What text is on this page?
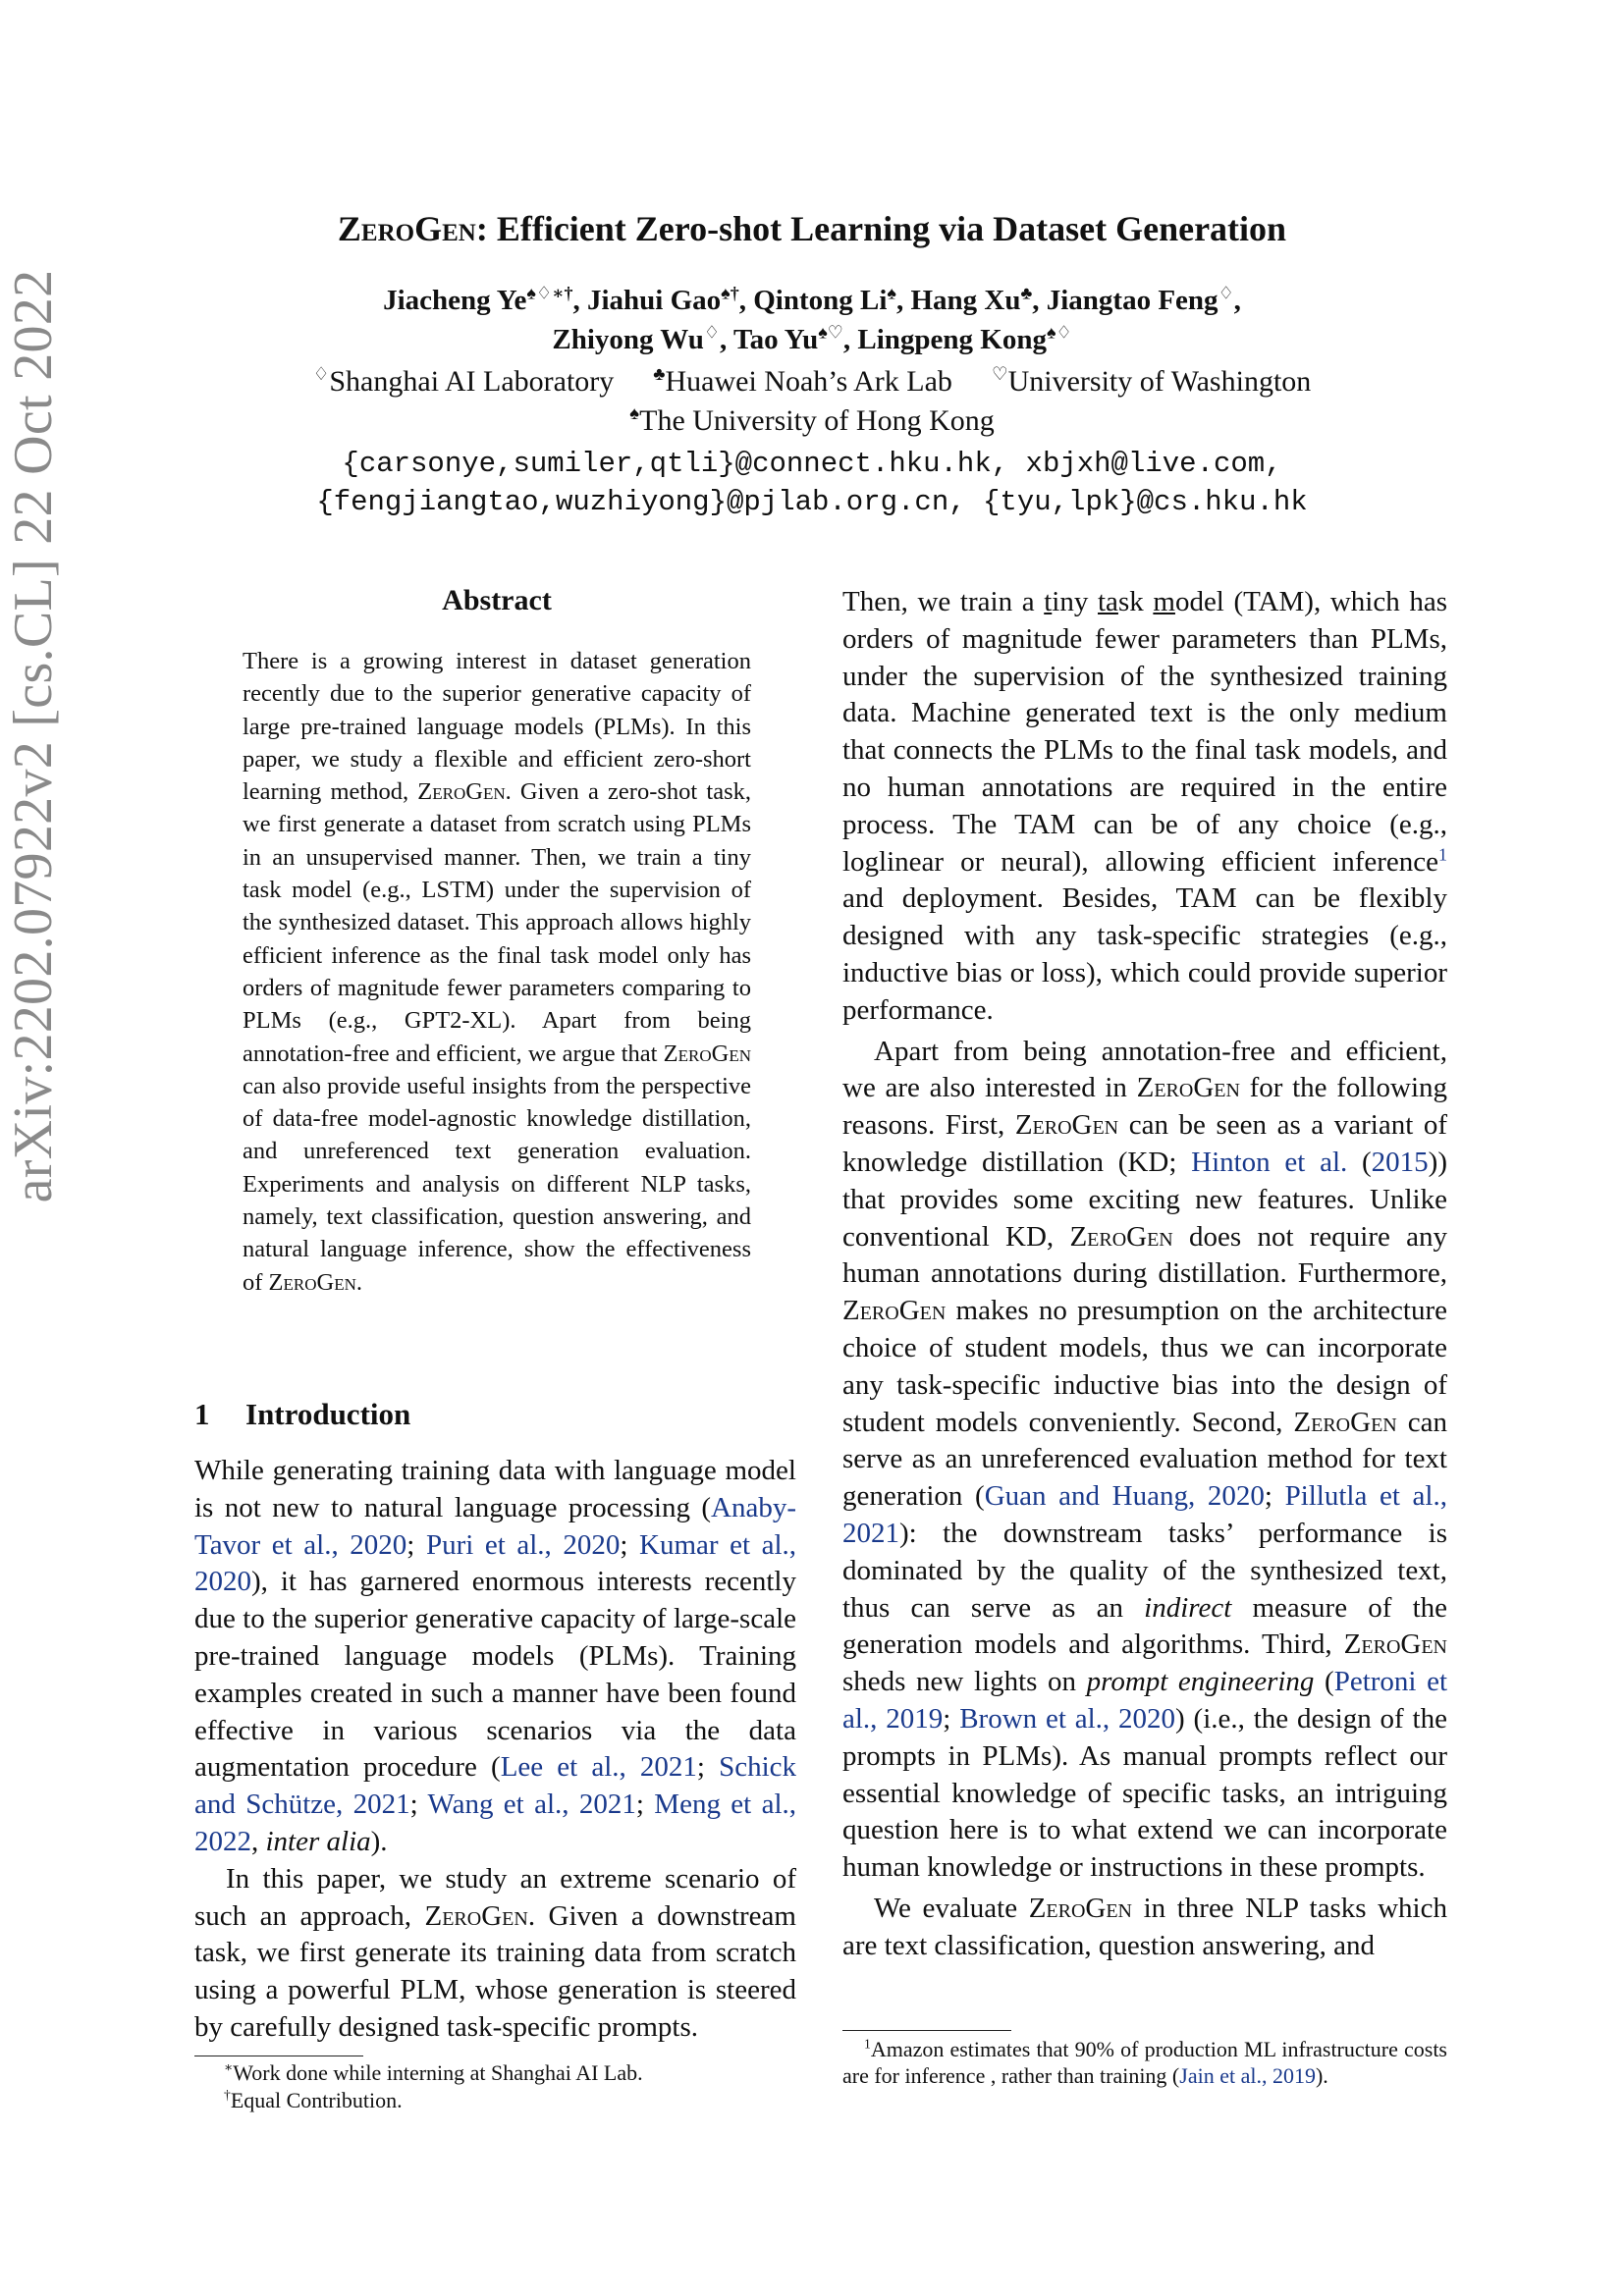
arXiv:2202.07922v2 [cs.CL] 22 Oct 2022
ZeroGen: Efficient Zero-shot Learning via Dataset Generation
Jiacheng Ye♠♢∗†, Jiahui Gao♠†, Qintong Li♠, Hang Xu♣, Jiangtao Feng♢,
Zhiyong Wu♢, Tao Yu♠♡, Lingpeng Kong♠♢
♢Shanghai AI Laboratory ♣Huawei Noah’s Ark Lab ♡University of Washington
♠The University of Hong Kong
{carsonye,sumiler,qtli}@connect.hku.hk, xbjxh@live.com,
{fengjiangtao,wuzhiyong}@pjlab.org.cn, {tyu,lpk}@cs.hku.hk
Abstract
There is a growing interest in dataset generation recently due to the superior generative capacity of large pre-trained language models (PLMs). In this paper, we study a flexible and efficient zero-short learning method, ZeroGen. Given a zero-shot task, we first generate a dataset from scratch using PLMs in an unsupervised manner. Then, we train a tiny task model (e.g., LSTM) under the supervision of the synthesized dataset. This approach allows highly efficient inference as the final task model only has orders of magnitude fewer parameters comparing to PLMs (e.g., GPT2-XL). Apart from being annotation-free and efficient, we argue that ZeroGen can also provide useful insights from the perspective of data-free model-agnostic knowledge distillation, and unreferenced text generation evaluation. Experiments and analysis on different NLP tasks, namely, text classification, question answering, and natural language inference, show the effectiveness of ZeroGen.
1 Introduction

While generating training data with language model is not new to natural language processing (Anaby-Tavor et al., 2020; Puri et al., 2020; Kumar et al., 2020), it has garnered enormous interests recently due to the superior generative capacity of large-scale pre-trained language models (PLMs). Training examples created in such a manner have been found effective in various scenarios via the data augmentation procedure (Lee et al., 2021; Schick and Schütze, 2021; Wang et al., 2021; Meng et al., 2022, inter alia).

In this paper, we study an extreme scenario of such an approach, ZeroGen. Given a downstream task, we first generate its training data from scratch using a powerful PLM, whose generation is steered by carefully designed task-specific prompts.

∗Work done while interning at Shanghai AI Lab.
†Equal Contribution.

Then, we train a tiny task model (TAM), which has orders of magnitude fewer parameters than PLMs, under the supervision of the synthesized training data. Machine generated text is the only medium that connects the PLMs to the final task models, and no human annotations are required in the entire process. The TAM can be of any choice (e.g., loglinear or neural), allowing efficient inference$^1$ and deployment. Besides, TAM can be flexibly designed with any task-specific strategies (e.g., inductive bias or loss), which could provide superior performance.

Apart from being annotation-free and efficient, we are also interested in ZeroGen for the following reasons. First, ZeroGen can be seen as a variant of knowledge distillation (KD; Hinton et al. (2015)) that provides some exciting new features. Unlike conventional KD, ZeroGen does not require any human annotations during distillation. Furthermore, ZeroGen makes no presumption on the architecture choice of student models, thus we can incorporate any task-specific inductive bias into the design of student models conveniently. Second, ZeroGen can serve as an unreferenced evaluation method for text generation (Guan and Huang, 2020; Pillutla et al., 2021): the downstream tasks’ performance is dominated by the quality of the synthesized text, thus can serve as an indirect measure of the generation models and algorithms. Third, ZeroGen sheds new lights on prompt engineering (Petroni et al., 2019; Brown et al., 2020) (i.e., the design of the prompts in PLMs). As manual prompts reflect our essential knowledge of specific tasks, an intriguing question here is to what extend we can incorporate human knowledge or instructions in these prompts.

We evaluate ZeroGen in three NLP tasks which are text classification, question answering, and

$^1$Amazon estimates that 90% of production ML infrastructure costs are for inference , rather than training (Jain et al., 2019).
